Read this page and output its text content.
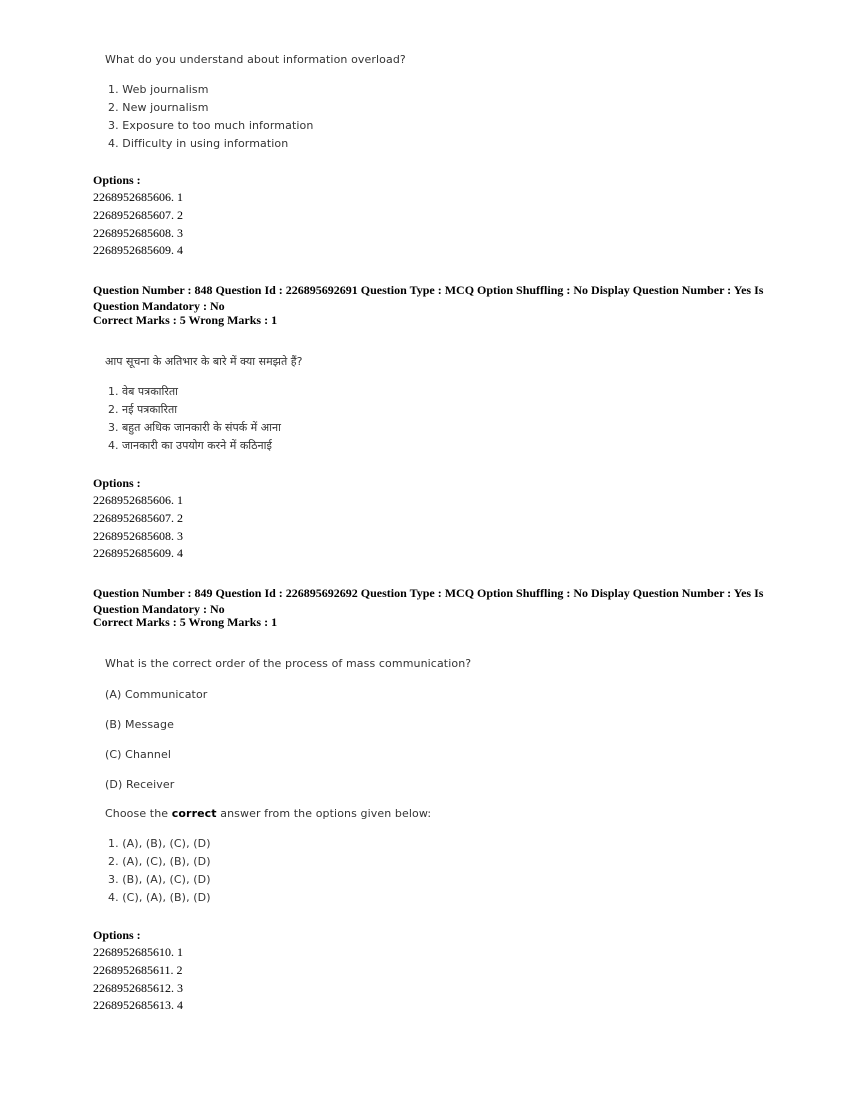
What do you understand about information overload?
1. Web journalism
2. New journalism
3. Exposure to too much information
4. Difficulty in using information
Options :
2268952685606. 1
2268952685607. 2
2268952685608. 3
2268952685609. 4
Question Number : 848 Question Id : 226895692691 Question Type : MCQ Option Shuffling : No Display Question Number : Yes Is Question Mandatory : No
Correct Marks : 5 Wrong Marks : 1
आप सूचना के अतिभार के बारे में क्या समझते हैं?
1. वेब पत्रकारिता
2. नई पत्रकारिता
3. बहुत अधिक जानकारी के संपर्क में आना
4. जानकारी का उपयोग करने में कठिनाई
Options :
2268952685606. 1
2268952685607. 2
2268952685608. 3
2268952685609. 4
Question Number : 849 Question Id : 226895692692 Question Type : MCQ Option Shuffling : No Display Question Number : Yes Is Question Mandatory : No
Correct Marks : 5 Wrong Marks : 1
What is the correct order of the process of mass communication?
(A) Communicator
(B) Message
(C) Channel
(D) Receiver
Choose the correct answer from the options given below:
1. (A), (B), (C), (D)
2. (A), (C), (B), (D)
3. (B), (A), (C), (D)
4. (C), (A), (B), (D)
Options :
2268952685610. 1
2268952685611. 2
2268952685612. 3
2268952685613. 4
